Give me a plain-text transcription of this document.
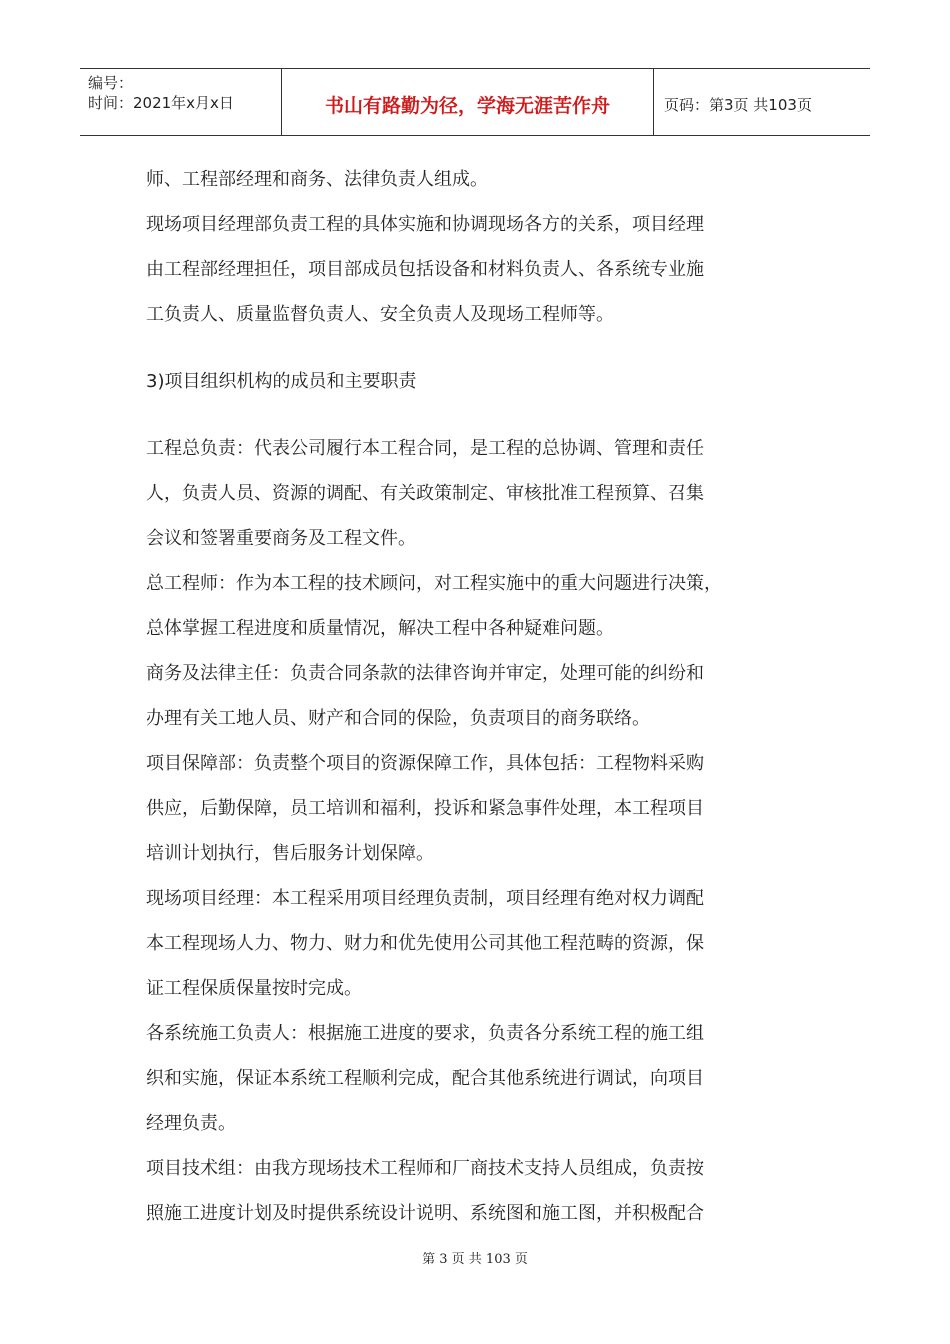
编号：
时间：2021年x月x日	书山有路勤为径，学海无涯苦作舟	页码：第3页 共103页

师、工程部经理和商务、法律负责人组成。

现场项目经理部负责工程的具体实施和协调现场各方的关系，项目经理

由工程部经理担任，项目部成员包括设备和材料负责人、各系统专业施

工负责人、质量监督负责人、安全负责人及现场工程师等。

3)项目组织机构的成员和主要职责

工程总负责：代表公司履行本工程合同，是工程的总协调、管理和责任

人，负责人员、资源的调配、有关政策制定、审核批准工程预算、召集

会议和签署重要商务及工程文件。

总工程师：作为本工程的技术顾问，对工程实施中的重大问题进行决策，

总体掌握工程进度和质量情况，解决工程中各种疑难问题。

商务及法律主任：负责合同条款的法律咨询并审定，处理可能的纠纷和

办理有关工地人员、财产和合同的保险，负责项目的商务联络。

项目保障部：负责整个项目的资源保障工作，具体包括：工程物料采购

供应，后勤保障，员工培训和福利，投诉和紧急事件处理，本工程项目

培训计划执行，售后服务计划保障。

现场项目经理：本工程采用项目经理负责制，项目经理有绝对权力调配

本工程现场人力、物力、财力和优先使用公司其他工程范畴的资源，保

证工程保质保量按时完成。

各系统施工负责人：根据施工进度的要求，负责各分系统工程的施工组

织和实施，保证本系统工程顺利完成，配合其他系统进行调试，向项目

经理负责。

项目技术组：由我方现场技术工程师和厂商技术支持人员组成，负责按

照施工进度计划及时提供系统设计说明、系统图和施工图，并积极配合

第 3 页 共 103 页
